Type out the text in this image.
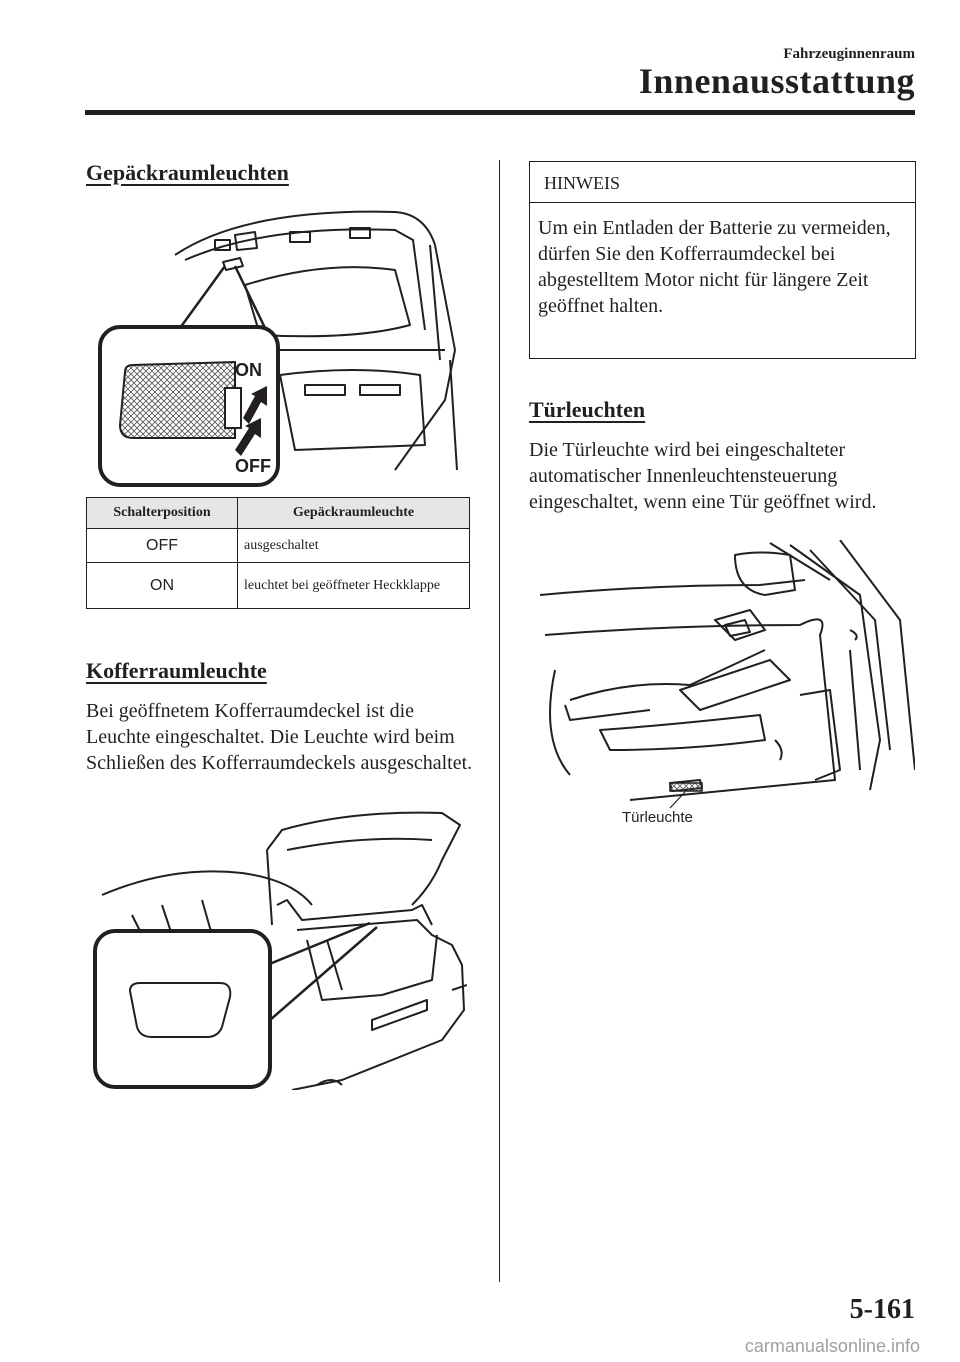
Fahrzeuginnenraum
Innenausstattung
Gepäckraumleuchten
ON
OFF
Schalterposition	Gepäckraumleuchte
OFF	ausgeschaltet
ON	leuchtet bei geöffneter Heckklappe
Kofferraumleuchte

Bei geöffnetem Kofferraumdeckel ist die Leuchte eingeschaltet. Die Leuchte wird beim Schließen des Kofferraumdeckels ausgeschaltet.

HINWEIS
Um ein Entladen der Batterie zu vermeiden, dürfen Sie den Kofferraumdeckel bei abgestelltem Motor nicht für längere Zeit geöffnet halten.
Türleuchten

Die Türleuchte wird bei eingeschalteter automatischer Innenleuchtensteuerung eingeschaltet, wenn eine Tür geöffnet wird.

Türleuchte
5-161
carmanualsonline.info
